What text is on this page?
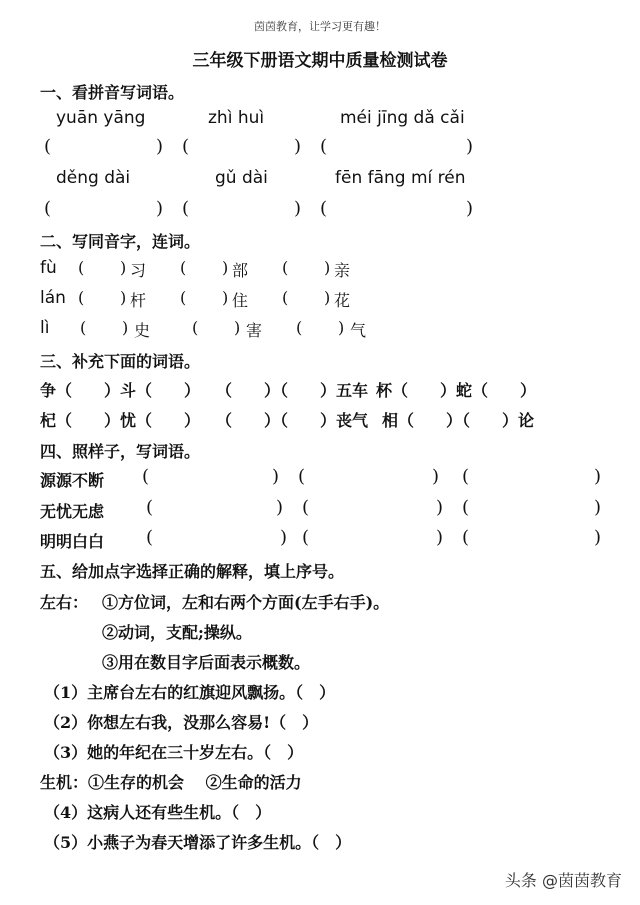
茵茵教育，让学习更有趣！
三年级下册语文期中质量检测试卷
一、看拼音写词语。
yuān yāng	zhì huì	méi jīng dǎ cǎi
(	) (	) (	)
děng dài	gǔ dài	fēn fāng mí rén
(	) (	) (	)
二、写同音字，连词。
fù ( ) 习 ( ) 部 ( ) 亲
lán ( ) 杆 ( ) 住 ( ) 花
lì ( ) 史	( ) 害 ( ) 气
三、补充下面的词语。
争（　　）斗（　　） （　　）（　　）五车 杯（　　）蛇（　　）
杞（　　）忧（　　） （　　）（　　）丧气 相（　　）（　　）论
四、照样子，写词语。
源源不断 (	) (	) (	)
无忧无虑 (	) (	) (	)
明明白白 (	) (	) (	)
五、给加点字选择正确的解释，填上序号。
左右： ①方位词，左和右两个方面(左手右手)。
②动词，支配;操纵。
③用在数目字后面表示概数。
（1）主席台左右的红旗迎风飘扬。（　）
（2）你想左右我，没那么容易!（　）
（3）她的年纪在三十岁左右。（　）
生机：①生存的机会　 ②生命的活力
（4）这病人还有些生机。（　）
（5）小燕子为春天增添了许多生机。（　）
头条 @茵茵教育
